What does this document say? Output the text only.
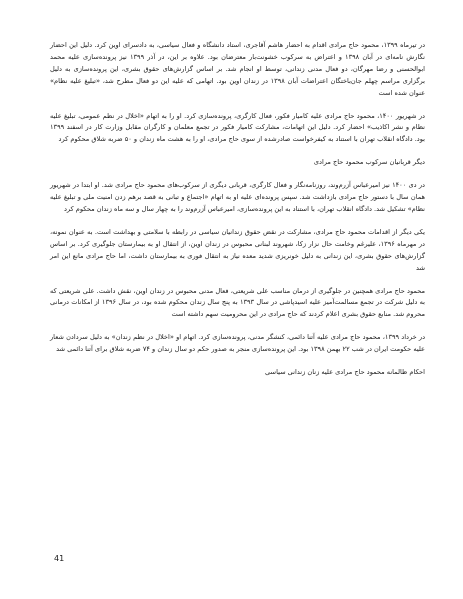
در تیرماه ۱۳۹۹، محمود حاج مرادی اقدام به احضار هاشم آقاجری، استاد دانشگاه و فعال سیاسی، به دادسرای اوین کرد. دلیل این احضار نگارش نامه‌ای در آبان ۱۳۹۸ و اعتراض به سرکوب خشونت‌بار معترضان بود. علاوه بر این، در آذر ۱۳۹۹ نیز پرونده‌سازی علیه محمد ابوالحسنی و رضا مهرگان، دو فعال مدنی زندانی، توسط او انجام شد. بر اساس گزارش‌های حقوق بشری، این پرونده‌سازی به دلیل برگزاری مراسم چهلم جان‌باختگان اعتراضات آبان ۱۳۹۸ در زندان اوین بود. اتهامی که علیه این دو فعال مطرح شد، «تبلیغ علیه نظام» عنوان شده است

در شهریور ۱۴۰۰، محمود حاج مرادی علیه کامیار فکور، فعال کارگری، پرونده‌سازی کرد. او را به اتهام «اخلال در نظم عمومی، تبلیغ علیه نظام و نشر اکاذیب» احضار کرد. دلیل این اتهامات، مشارکت کامیار فکور در تجمع معلمان و کارگران مقابل وزارت کار در اسفند ۱۳۹۹ بود. دادگاه انقلاب تهران با استناد به کیفرخواست صادرشده از سوی حاج مرادی، او را به هشت ماه زندان و ۵۰ ضربه شلاق محکوم کرد

دیگر قربانیان سرکوب محمود حاج مرادی

در دی ۱۴۰۰ نیز امیرعباس آزرم‌وند، روزنامه‌نگار و فعال کارگری، قربانی دیگری از سرکوب‌های محمود حاج مرادی شد. او ابتدا در شهریور همان سال با دستور حاج مرادی بازداشت شد. سپس پرونده‌ای علیه او به اتهام «اجتماع و تبانی به قصد برهم زدن امنیت ملی و تبلیغ علیه نظام» تشکیل شد. دادگاه انقلاب تهران، با استناد به این پرونده‌سازی، امیرعباس آزرم‌وند را به چهار سال و سه ماه زندان محکوم کرد

یکی دیگر از اقدامات محمود حاج مرادی، مشارکت در نقض حقوق زندانیان سیاسی در رابطه با سلامتی و بهداشت است. به عنوان نمونه، در مهرماه ۱۳۹۶، علیرغم وخامت حال نزار زکا، شهروند لبنانی محبوس در زندان اوین، از انتقال او به بیمارستان جلوگیری کرد. بر اساس گزارش‌های حقوق بشری، این زندانی به دلیل خونریزی شدید معده نیاز به انتقال فوری به بیمارستان داشت، اما حاج مرادی مانع این امر شد

محمود حاج مرادی همچنین در جلوگیری از درمان مناسب علی شریعتی، فعال مدنی محبوس در زندان اوین، نقش داشت. علی شریعتی که به دلیل شرکت در تجمع مسالمت‌آمیز علیه اسیدپاشی در سال ۱۳۹۳ به پنج سال زندان محکوم شده بود، در سال ۱۳۹۶ از امکانات درمانی محروم شد. منابع حقوق بشری اعلام کردند که حاج مرادی در این محرومیت سهم داشته است

در خرداد ۱۳۹۹، محمود حاج مرادی علیه آتنا دائمی، کنشگر مدنی، پرونده‌سازی کرد. اتهام او «اخلال در نظم زندان» به دلیل سردادن شعار علیه حکومت ایران در شب ۲۲ بهمن ۱۳۹۸ بود. این پرونده‌سازی منجر به صدور حکم دو سال زندان و ۷۴ ضربه شلاق برای آتنا دائمی شد

احکام ظالمانه محمود حاج مرادی علیه زنان زندانی سیاسی

41
